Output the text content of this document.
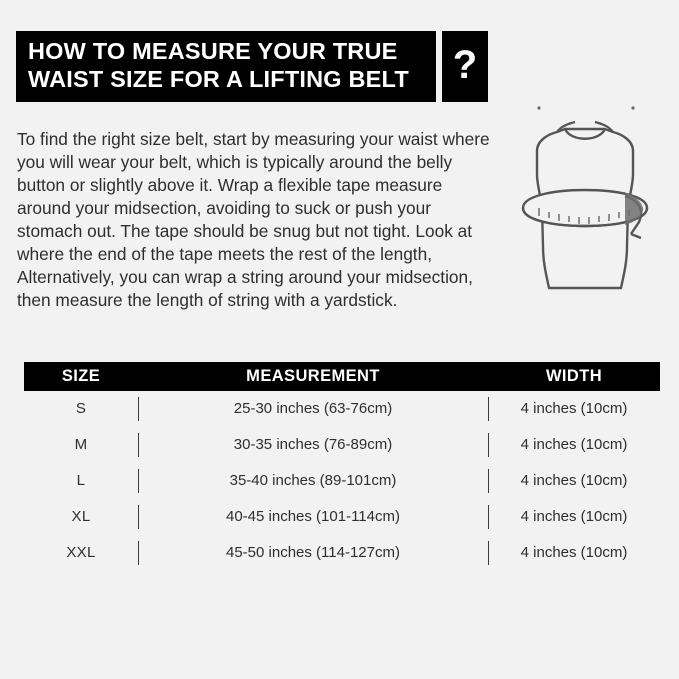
HOW TO MEASURE YOUR TRUE
WAIST SIZE FOR A LIFTING BELT	?
To find the right size belt, start by measuring your waist where you will wear your belt, which is typically around the belly button or slightly above it. Wrap a flexible tape measure around your midsection, avoiding to suck or push your stomach out. The tape should be snug but not tight. Look at where the end of the tape meets the rest of the length, Alternatively, you can wrap a string around your midsection, then measure the length of string with a yardstick.
SIZE	MEASUREMENT	WIDTH
S	25-30 inches (63-76cm)	4 inches (10cm)
M	30-35 inches (76-89cm)	4 inches (10cm)
L	35-40 inches (89-101cm)	4 inches (10cm)
XL	40-45 inches (101-114cm)	4 inches (10cm)
XXL	45-50 inches (114-127cm)	4 inches (10cm)
